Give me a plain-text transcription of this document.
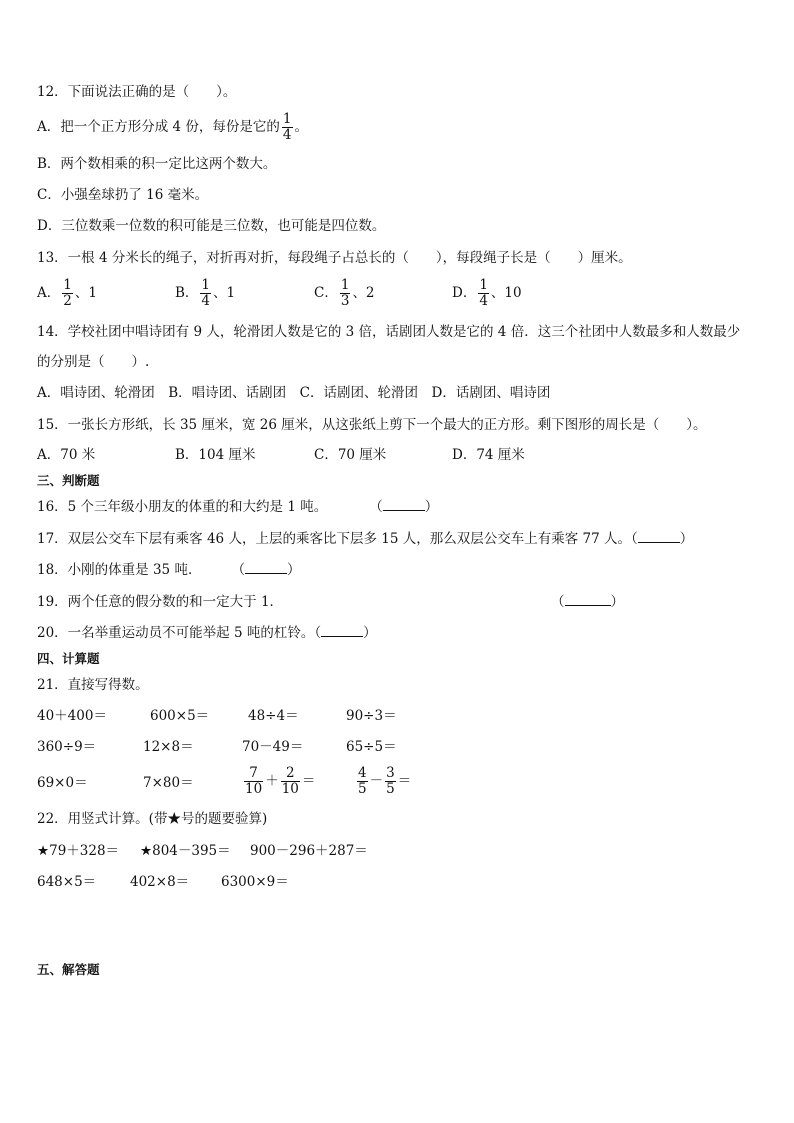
12．下面说法正确的是（　　）。
A．把一个正方形分成 4 份，每份是它的 $\frac{1}{4}$ 。
B．两个数相乘的积一定比这两个数大。
C．小强垒球扔了 16 毫米。
D．三位数乘一位数的积可能是三位数，也可能是四位数。
13．一根 4 分米长的绳子，对折再对折，每段绳子占总长的（　　），每段绳子长是（　　）厘米。
A． $\frac{1}{2}$ 、1	B． $\frac{1}{4}$ 、1	C． $\frac{1}{3}$ 、2	D． $\frac{1}{4}$ 、10
14．学校社团中唱诗团有 9 人，轮滑团人数是它的 3 倍，话剧团人数是它的 4 倍．这三个社团中人数最多和人数最少
的分别是（　　）.
A．唱诗团、轮滑团　B．唱诗团、话剧团　C．话剧团、轮滑团　D．话剧团、唱诗团
15．一张长方形纸，长 35 厘米，宽 26 厘米，从这张纸上剪下一个最大的正方形。剩下图形的周长是（　　）。
A．70 米	B．104 厘米	C．70 厘米	D．74 厘米
三、判断题
16．5 个三年级小朋友的体重的和大约是 1 吨。	（	）
17．双层公交车下层有乘客 46 人，上层的乘客比下层多 15 人，那么双层公交车上有乘客 77 人。（	）
18．小刚的体重是 35 吨． （	）
19．两个任意的假分数的和一定大于 1．	（	）
20．一名举重运动员不可能举起 5 吨的杠铃。（	）
四、计算题
21．直接写得数。
40＋400＝	600×5＝	48÷4＝	90÷3＝
360÷9＝	12×8＝	70－49＝	65÷5＝
69×0＝	7×80＝	$\frac{7}{10} + \frac{2}{10}$ ＝	$\frac{4}{5} - \frac{3}{5}$ ＝
22．用竖式计算。(带★号的题要验算)
★79＋328＝ ★804－395＝ 900－296＋287＝
648×5＝	402×8＝ 6300×9＝
五、解答题
